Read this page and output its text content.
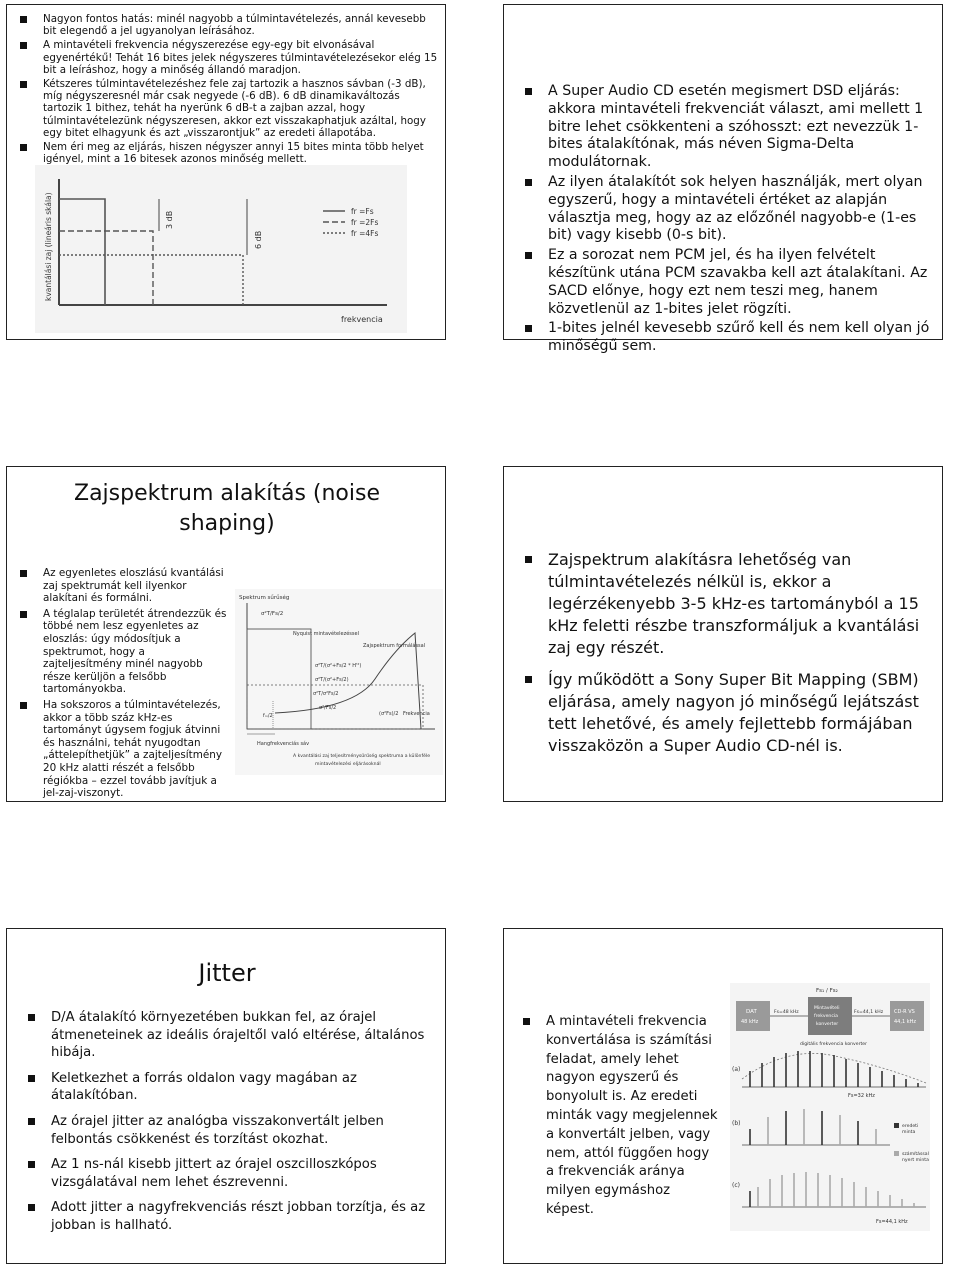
Nagyon fontos hatás: minél nagyobb a túlmintavételezés, annál kevesebb bit elegendő a jel ugyanolyan leírásához.
A mintavételi frekvencia négyszerezése egy-egy bit elvonásával egyenértékű! Tehát 16 bites jelek négyszeres túlmintavételezésekor elég 15 bit a leíráshoz, hogy a minőség állandó maradjon.
Kétszeres túlmintavételezéshez fele zaj tartozik a hasznos sávban (-3 dB), míg négyszeresnél már csak negyede (-6 dB). 6 dB dinamikaváltozás tartozik 1 bithez, tehát ha nyerünk 6 dB-t a zajban azzal, hogy túlmintavételezünk négyszeresen, akkor ezt visszakaphatjuk azáltal, hogy egy bitet elhagyunk és azt „visszarontjuk” az eredeti állapotába.
Nem éri meg az eljárás, hiszen négyszer annyi 15 bites minta több helyet igényel, mint a 16 bitesek azonos minőség mellett.
kvantálási zaj (lineáris skála)
frekvencia
3 dB
6 dB
fr =Fs
fr =2Fs
fr =4Fs
A Super Audio CD esetén megismert DSD eljárás: akkora mintavételi frekvenciát választ, ami mellett 1 bitre lehet csökkenteni a szóhosszt: ezt nevezzük 1-bites átalakítónak, más néven Sigma-Delta modulátornak.
Az ilyen átalakítót sok helyen használják, mert olyan egyszerű, hogy a mintavételi értéket az alapján választja meg, hogy az az előzőnél nagyobb-e (1-es bit) vagy kisebb (0-s bit).
Ez a sorozat nem PCM jel, és ha ilyen felvételt készítünk utána PCM szavakba kell azt átalakítani. Az SACD előnye, hogy ezt nem teszi meg, hanem közvetlenül az 1-bites jelet rögzíti.
1-bites jelnél kevesebb szűrő kell és nem kell olyan jó minőségű sem.
Zajspektrum alakítás (noise shaping)
Az egyenletes eloszlású kvantálási zaj spektrumát kell ilyenkor alakítani és formálni.
A téglalap területét átrendezzük és többé nem lesz egyenletes az eloszlás: úgy módosítjuk a spektrumot, hogy a zajteljesítmény minél nagyobb része kerüljön a felsőbb tartományokba.
Ha sokszoros a túlmintavételezés, akkor a több száz kHz-es tartományt úgysem fogjuk átvinni és használni, tehát nyugodtan „áttelepíthetjük” a zajteljesítmény 20 kHz alatti részét a felsőbb régiókba – ezzel tovább javítjuk a jel-zaj-viszonyt.
Spektrum sűrűség
σ²T/Fs/2
Nyquist mintavételezéssel
Zajspektrum formálással
σ²T/(σ²+Fs/2 * H'²)
σ²T/(σ²+Fs/2)
σ²T/σ²Fs/2
σ²/Fs/2
fₘ/2	(σ²Fs)/2 Frekvencia
Hangfrekvenciás sáv
A kvantálási zaj teljesítménysűrűség spektruma a különféle
mintavételezési eljárásoknál
Zajspektrum alakításra lehetőség van túlmintavételezés nélkül is, ekkor a legérzékenyebb 3-5 kHz-es tartományból a 15 kHz feletti részbe transzformáljuk a kvantálási zaj egy részét.
Így működött a Sony Super Bit Mapping (SBM) eljárása, amely nagyon jó minőségű lejátszást tett lehetővé, és amely fejlettebb formájában visszaközön a Super Audio CD-nél is.
Jitter
D/A átalakító környezetében bukkan fel, az órajel átmeneteinek az ideális órajeltől való eltérése, általános hibája.
Keletkezhet a forrás oldalon vagy magában az átalakítóban.
Az órajel jitter az analógba visszakonvertált jelben felbontás csökkenést és torzítást okozhat.
Az 1 ns-nál kisebb jittert az órajel oszcilloszkópos vizsgálatával nem lehet észrevenni.
Adott jitter a nagyfrekvenciás részt jobban torzítja, és az jobban is hallható.
A mintavételi frekvencia konvertálása is számítási feladat, amely lehet nagyon egyszerű és bonyolult is. Az eredeti minták vagy megjelennek a konvertált jelben, vagy nem, attól függően hogy a frekvenciák aránya milyen egymáshoz képest.
Fs₁ / Fs₂
DAT
48 kHz
Fs=48 kHz
Mintavételi
frekvencia
konverter
Fs=44,1 kHz CD-R VS
44,1 kHz
digitális frekvencia konverter
(a)
Fs=32 kHz
(b)	eredeti
minta
számítással
nyert minta
(c)
Fs=44,1 kHz
